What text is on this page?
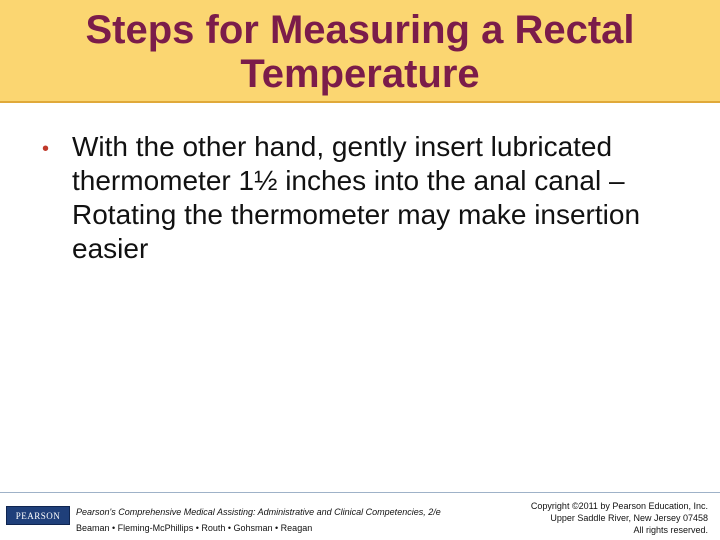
Steps for Measuring a Rectal
Temperature
• With the other hand, gently insert lubricated thermometer 1½ inches into the anal canal – Rotating the thermometer may make insertion easier
PEARSON Pearson's Comprehensive Medical Assisting: Administrative and Clinical Competencies, 2/e
Beaman • Fleming-McPhillips • Routh • Gohsman • Reagan
Copyright ©2011 by Pearson Education, Inc.
Upper Saddle River, New Jersey 07458
All rights reserved.
